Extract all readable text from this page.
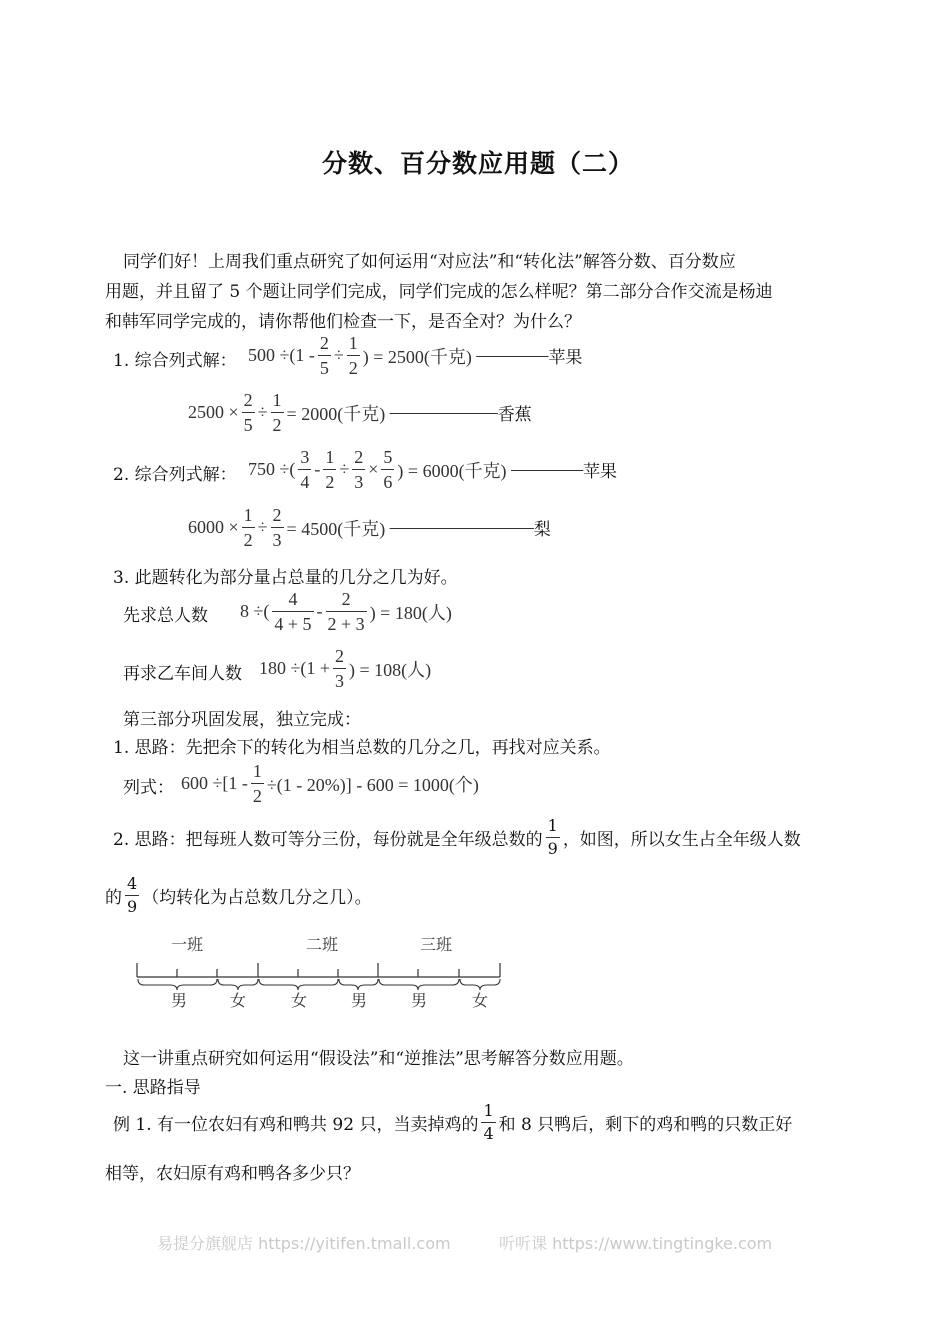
分数、百分数应用题（二）
同学们好！上周我们重点研究了如何运用“对应法”和“转化法”解答分数、百分数应
用题，并且留了 5 个题让同学们完成，同学们完成的怎么样呢？第二部分合作交流是杨迪
和韩军同学完成的，请你帮他们检查一下，是否全对？为什么？
1. 综合列式解： $500 \div(1 - \frac{2}{5} \div \frac{1}{2}$ ) = 2500(千克)
———— 苹果
$2500 \times \frac{2}{5} \div \frac{1}{2} = 2000$(千克)
—————— 香蕉
2. 综合列式解： 750 ÷( $\frac{3}{4} - \frac{1}{2} \div \frac{2}{3} \times \frac{5}{6}$ ) = 6000(千克)
———— 苹果
$6000 \times \frac{1}{2} \div \frac{2}{3} = 4500$(千克)
———————— 梨
3. 此题转化为部分量占总量的几分之几为好。
先求总人数 8 ÷( $\frac{4}{4 + 5} - \frac{2}{2 + 3}$ ) = 180(人)
再求乙车间人数 $180 \div(1 + \frac{2}{3}$ ) = 108(人)
第三部分巩固发展，独立完成：
1. 思路：先把余下的转化为相当总数的几分之几，再找对应关系。
列式： $600 \div[1 - \frac{1}{2} \div(1 - 20\%)] - 600 = 1000$(个)
2. 思路：把每班人数可等分三份，每份就是全年级总数的 $\frac{1}{9}$ ，如图，所以女生占全年级人数
的 $\frac{4}{9}$ （均转化为占总数几分之几）。
一班	二班	三班
男	女	女	男	男	女
这一讲重点研究如何运用“假设法”和“逆推法”思考解答分数应用题。
一. 思路指导
例 1. 有一位农妇有鸡和鸭共 92 只，当卖掉鸡的 $\frac{1}{4}$ 和 8 只鸭后，剩下的鸡和鸭的只数正好
相等，农妇原有鸡和鸭各多少只？
易提分旗舰店 https://yitifen.tmall.com	听听课 https://www.tingtingke.com
